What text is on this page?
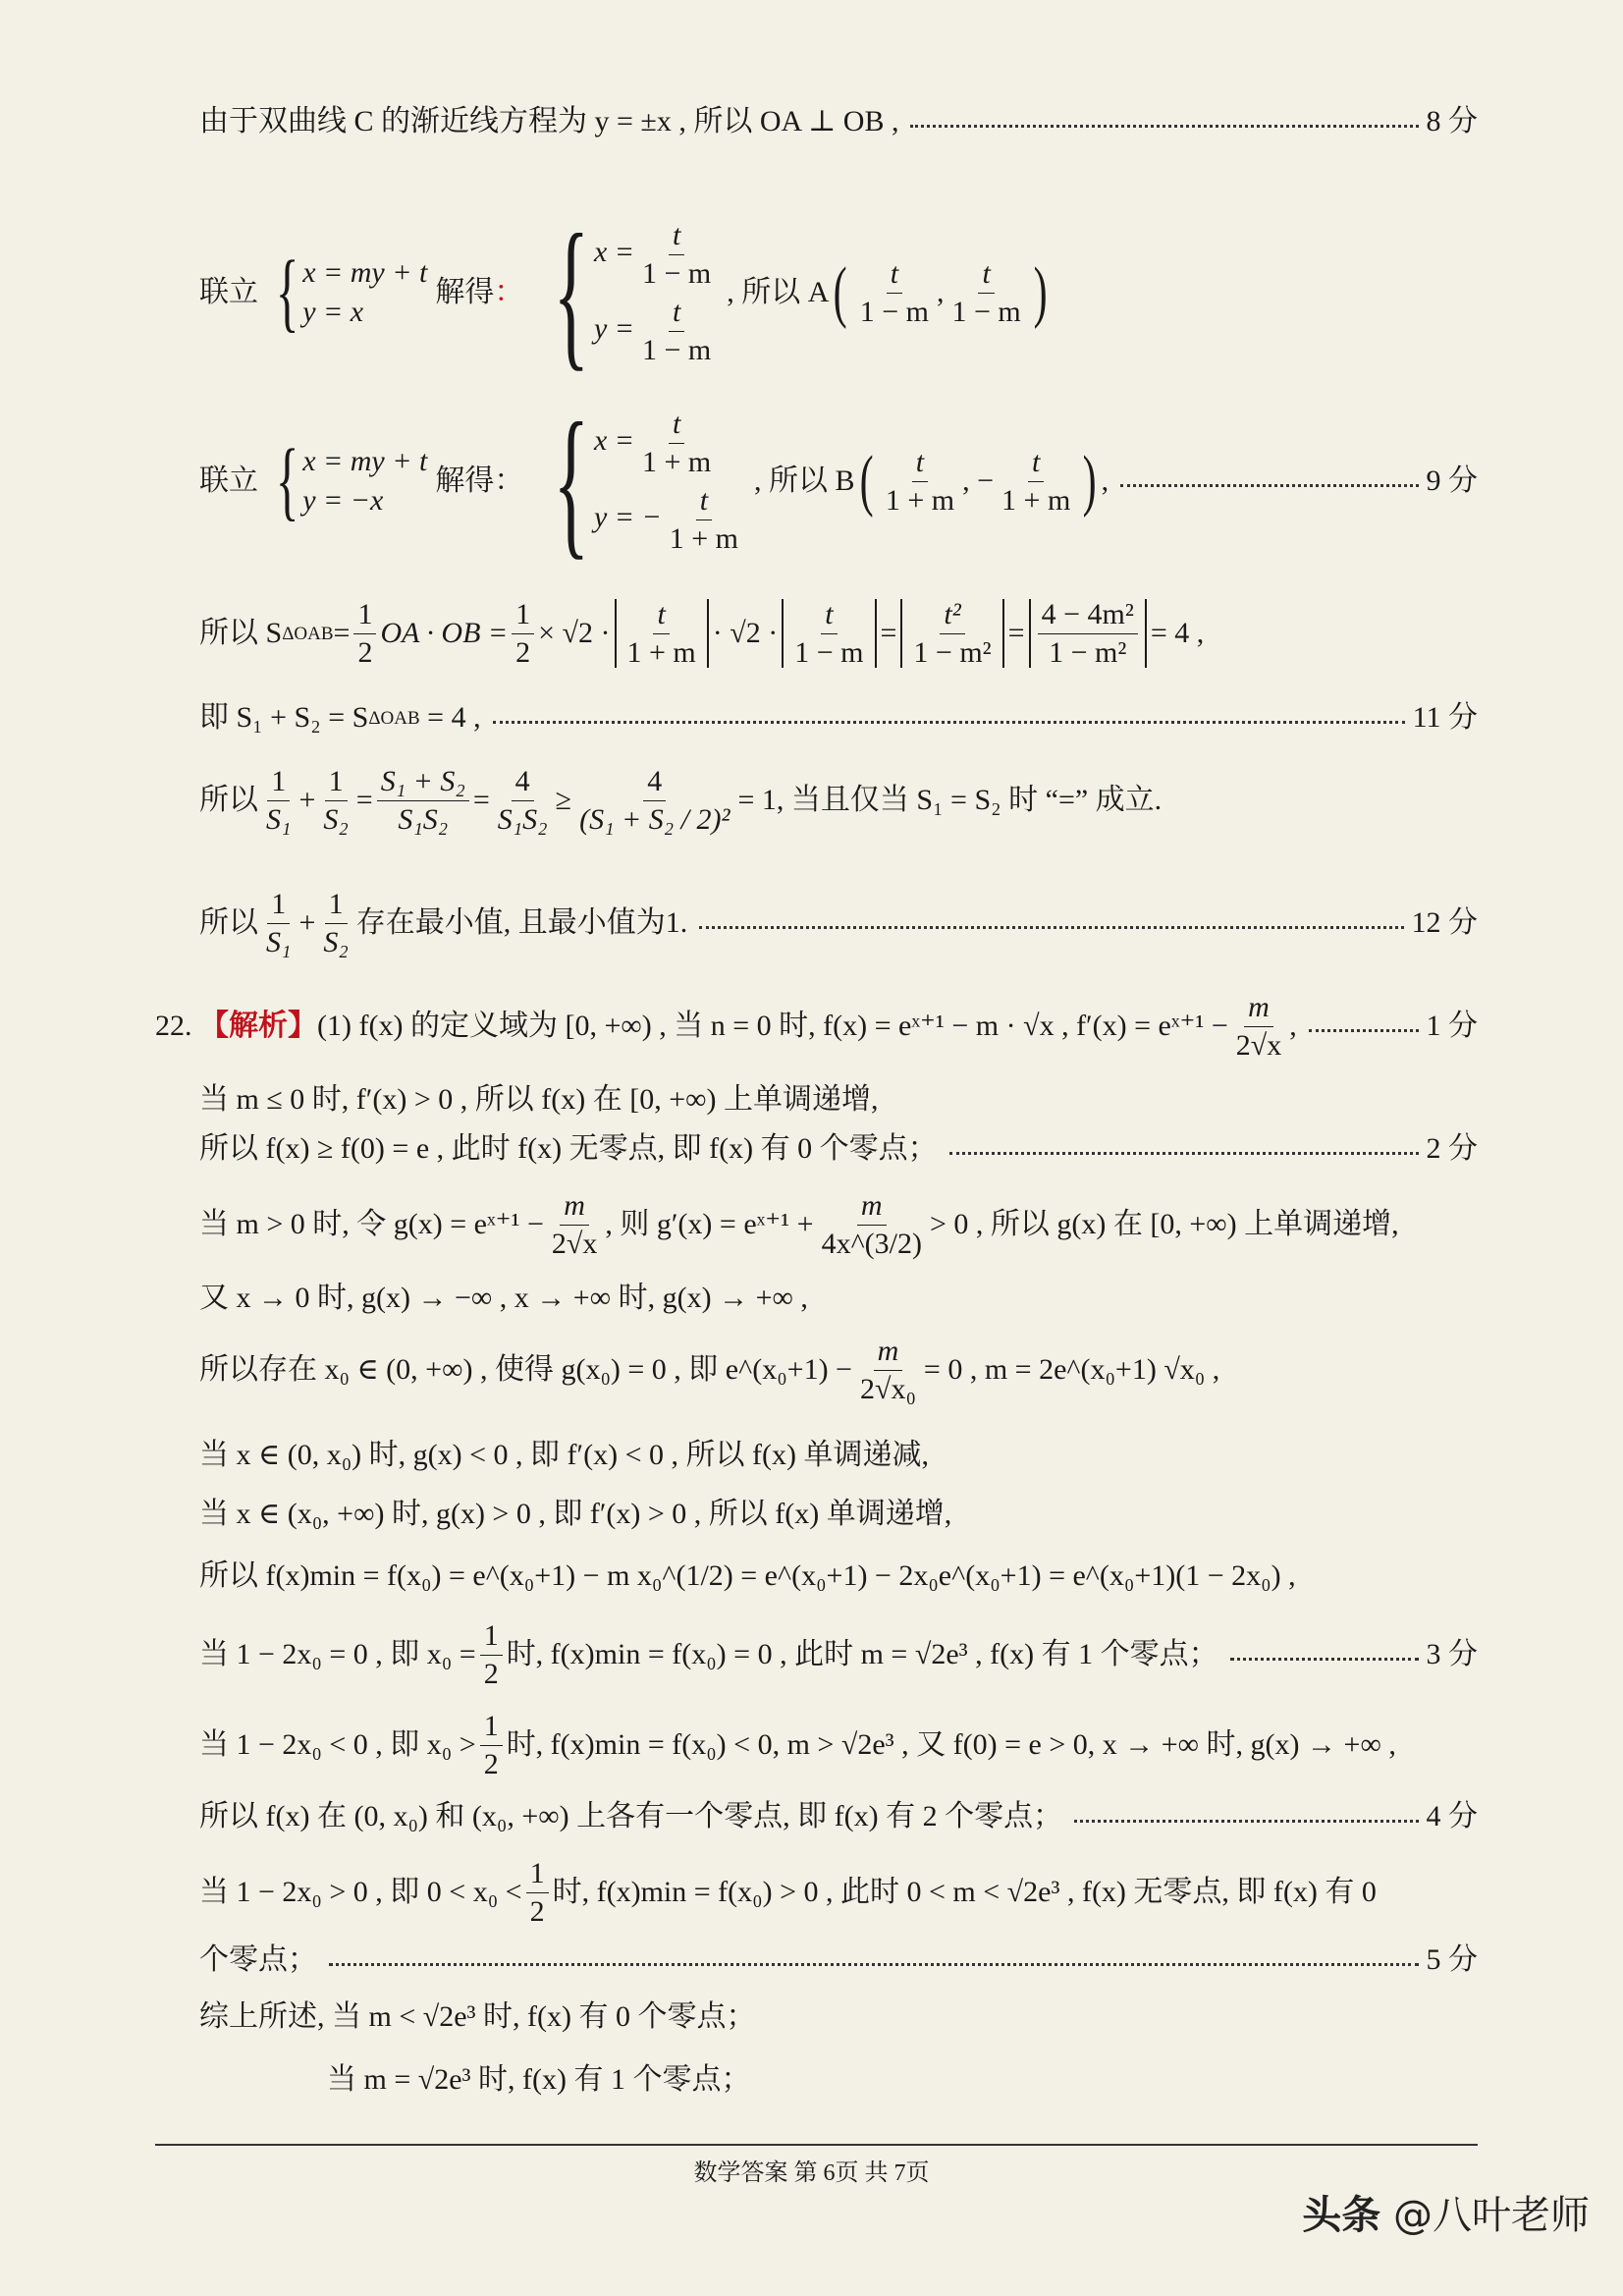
由于双曲线 C 的渐近线方程为 y = ±x , 所以 OA ⊥ OB ,	8 分
联立 { x = my + t
y = x
解得 ： { $x = \frac{t}{1 - m}$
$y = \frac{t}{1 - m}$
, 所以 A ( $\frac{t}{1 - m}$ , $\frac{t}{1 - m}$ )
联立 { x = my + t
y = −x
解得： { $x = \frac{t}{1 + m}$
y = − $\frac{t}{1 + m}$
, 所以 B ( $\frac{t}{1 + m}$ , − $\frac{t}{1 + m}$ ) ,	9 分
所以 S $\Delta OAB = \frac{1}{2}$ OA · OB = $\frac{1}{2} \times √2 \cdot \frac{t}{1 + m} \cdot √2 \cdot \frac{t}{1 - m} = \frac{\text{t²}}{\text{1 − m²}} = \frac{\text{4 − 4m²}}{\text{1 − m²}} = 4$ ,
即 S₁ + S₂ = S ΔOAB
= 4 ,	11 分
所以 $\frac{1}{\text{S₁}} + \frac{1}{\text{S₂}} = \frac{\text{S₁ + S₂}}{\text{S₁S₂}} = \frac{4}{\text{S₁S₂}} \ge \frac{4}{\text{(S₁ + S₂ / 2)²}} = 1$, 当且仅当 S₁ = S₂ 时 “=” 成立.
所以 $\frac{1}{\text{S₁}} + \frac{1}{\text{S₂}}$ 存在最小值, 且最小值为1.	12 分
22.
【解析】 (1) f(x) 的定义域为 [0, +∞) , 当 n = 0 时, f(x) = eˣ⁺¹ − m · √x , f′(x) = eˣ⁺¹ − $\frac{m}{2√x}$ ,	1 分
当 m ≤ 0 时, f′(x) > 0 , 所以 f(x) 在 [0, +∞) 上单调递增,
所以 f(x) ≥ f(0) = e , 此时 f(x) 无零点, 即 f(x) 有 0 个零点；	2 分
当 m > 0 时, 令 g(x) = eˣ⁺¹ − $\frac{m}{2√x}$ , 则 g′(x) = eˣ⁺¹ + $\frac{m}{4x\^{}(3/2)} > 0$ , 所以 g(x) 在 [0, +∞) 上单调递增,
又 x → 0 时, g(x) → −∞ , x → +∞ 时, g(x) → +∞ ,
所以存在 x₀ ∈ (0, +∞) , 使得 g(x₀) = 0 , 即 e^(x₀+1) − $\frac{m}{\text{2√x₀}} = 0$ , m = 2e^(x₀+1) √x₀ ,
当 x ∈ (0, x₀) 时, g(x) < 0 , 即 f′(x) < 0 , 所以 f(x) 单调递减,
当 x ∈ (x₀, +∞) 时, g(x) > 0 , 即 f′(x) > 0 , 所以 f(x) 单调递增,
所以 f(x)min = f(x₀) = e^(x₀+1) − m x₀^(1/2) = e^(x₀+1) − 2x₀e^(x₀+1) = e^(x₀+1)(1 − 2x₀) ,
当 1 − 2x₀ = 0 , 即 $x_0 = \frac{1}{2}$ 时, f(x)min = f(x₀) = 0 , 此时 m = √2e³ , f(x) 有 1 个零点；	3 分
当 1 − 2x₀ < 0 , 即 $x_0 > \frac{1}{2}$ 时, f(x)min = f(x₀) < 0, m > √2e³ , 又 f(0) = e > 0, x → +∞ 时, g(x) → +∞ ,
所以 f(x) 在 (0, x₀) 和 (x₀, +∞) 上各有一个零点, 即 f(x) 有 2 个零点；	4 分
当 1 − 2x₀ > 0 , 即 $0 < x_0 < \frac{1}{2}$ 时, f(x)min = f(x₀) > 0 , 此时 0 < m < √2e³ , f(x) 无零点, 即 f(x) 有 0
个零点；	5 分
综上所述, 当 m < √2e³ 时, f(x) 有 0 个零点；
当 m = √2e³ 时, f(x) 有 1 个零点；
数学答案 第 6页 共 7页
头条 @八叶老师
